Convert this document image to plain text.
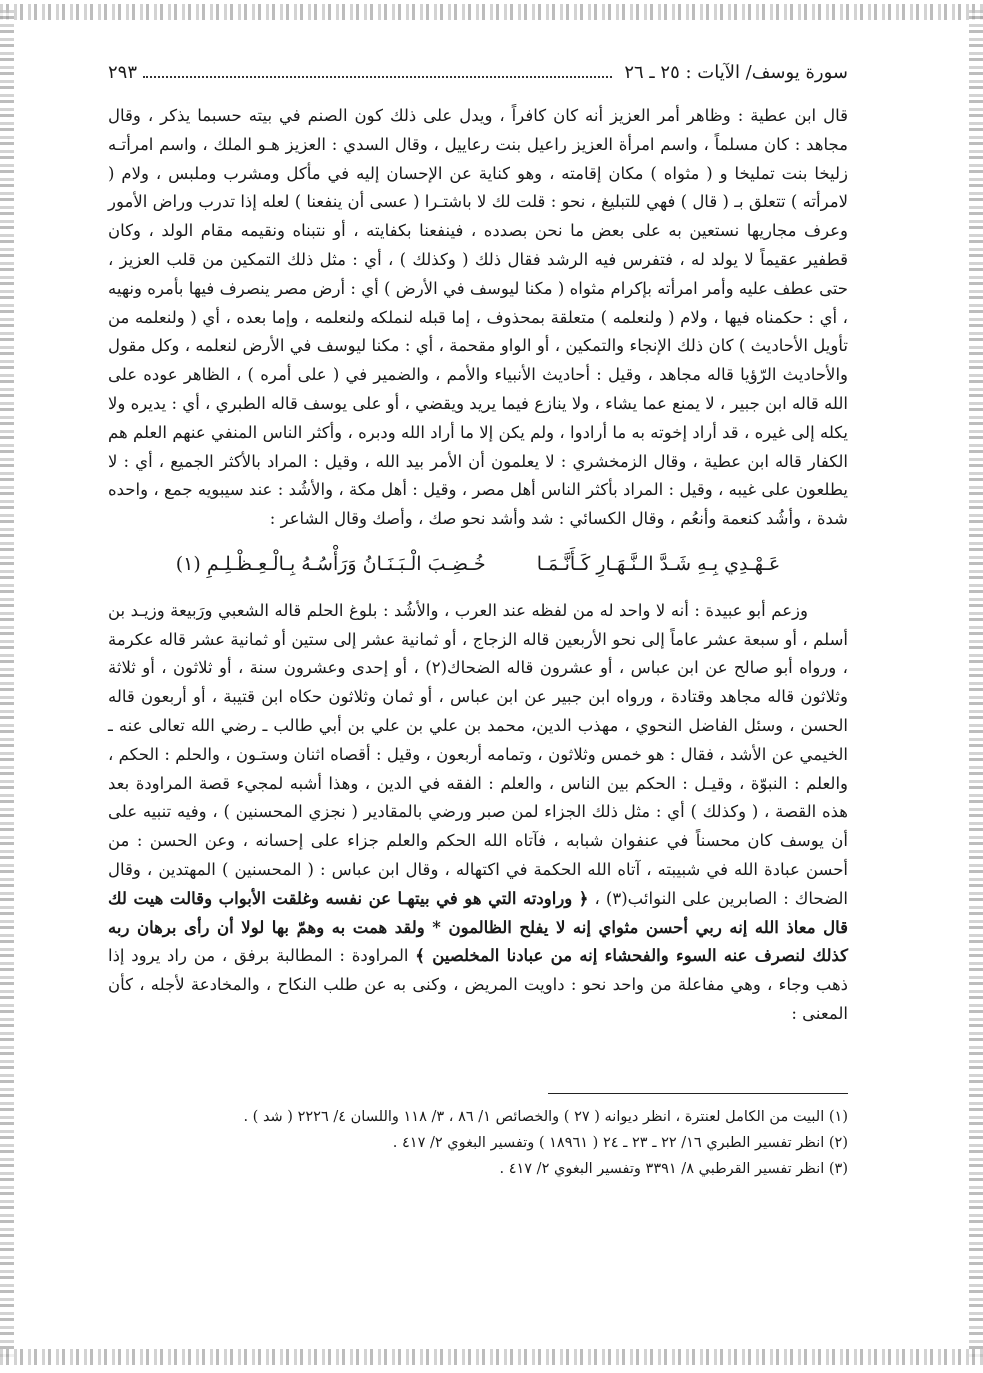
سورة يوسف/ الآيات : ٢٥ ـ ٢٦
٢٩٣

قال ابن عطية : وظاهر أمر العزيز أنه كان كافراً ، ويدل على ذلك كون الصنم في بيته حسبما يذكر ، وقال مجاهد : كان مسلماً ، واسم امرأة العزيز راعيل بنت رعاييل ، وقال السدي : العزيز هـو الملك ، واسم امرأتـه زليخا بنت تمليخا و ( مثواه ) مكان إقامته ، وهو كناية عن الإحسان إليه في مأكل ومشرب وملبس ، ولام ( لامرأته ) تتعلق بـ ( قال ) فهي للتبليغ ، نحو : قلت لك لا باشتـرا ( عسى أن ينفعنا ) لعله إذا تدرب وراض الأمور وعرف مجاريها نستعين به على بعض ما نحن بصدده ، فينفعنا بكفايته ، أو نتبناه ونقيمه مقام الولد ، وكان قطفير عقيماً لا يولد له ، فتفرس فيه الرشد فقال ذلك ( وكذلك ) ، أي : مثل ذلك التمكين من قلب العزيز ، حتى عطف عليه وأمر امرأته بإكرام مثواه ( مكنا ليوسف في الأرض ) أي : أرض مصر ينصرف فيها بأمره ونهيه ، أي : حكمناه فيها ، ولام ( ولنعلمه ) متعلقة بمحذوف ، إما قبله لنملكه ولنعلمه ، وإما بعده ، أي ( ولنعلمه من تأويل الأحاديث ) كان ذلك الإنجاء والتمكين ، أو الواو مقحمة ، أي : مكنا ليوسف في الأرض لنعلمه ، وكل مقول والأحاديث الرّؤيا قاله مجاهد ، وقيل : أحاديث الأنبياء والأمم ، والضمير في ( على أمره ) ، الظاهر عوده على الله قاله ابن جبير ، لا يمنع عما يشاء ، ولا ينازع فيما يريد ويقضي ، أو على يوسف قاله الطبري ، أي : يديره ولا يكله إلى غيره ، قد أراد إخوته به ما أرادوا ، ولم يكن إلا ما أراد الله ودبره ، وأكثر الناس المنفي عنهم العلم هم الكفار قاله ابن عطية ، وقال الزمخشري : لا يعلمون أن الأمر بيد الله ، وقيل : المراد بالأكثر الجميع ، أي : لا يطلعون على غيبه ، وقيل : المراد بأكثر الناس أهل مصر ، وقيل : أهل مكة ، والأشُد : عند سيبويه جمع ، واحده شدة ، وأشُد كنعمة وأنعُم ، وقال الكسائي : شد وأشد نحو صك ، وأصك وقال الشاعر :

عَـهْـدِي بِـهِ شَـدَّ الـنَّـهَـارِ كَـأَنَّـمَـا خُـضِـبَ الْـبَـنَـانُ وَرَأْسُـهُ بِـالْـعِـظْـلِـمِ (١)

وزعم أبو عبيدة : أنه لا واحد له من لفظه عند العرب ، والأشُد : بلوغ الحلم قاله الشعبي ورَبيعة وزيـد بن أسلم ، أو سبعة عشر عاماً إلى نحو الأربعين قاله الزجاج ، أو ثمانية عشر إلى ستين أو ثمانية عشر قاله عكرمة ، ورواه أبو صالح عن ابن عباس ، أو عشرون قاله الضحاك(٢) ، أو إحدى وعشرون سنة ، أو ثلاثون ، أو ثلاثة وثلاثون قاله مجاهد وقتادة ، ورواه ابن جبير عن ابن عباس ، أو ثمان وثلاثون حكاه ابن قتيبة ، أو أربعون قاله الحسن ، وسئل الفاضل النحوي ، مهذب الدين، محمد بن علي بن علي بن أبي طالب ـ رضي الله تعالى عنه ـ الخيمي عن الأشد ، فقال : هو خمس وثلاثون ، وتمامه أربعون ، وقيل : أقصاه اثنان وستـون ، والحلم : الحكم ، والعلم : النبوّة ، وقيـل : الحكم بين الناس ، والعلم : الفقه في الدين ، وهذا أشبه لمجيء قصة المراودة بعد هذه القصة ، ( وكذلك ) أي : مثل ذلك الجزاء لمن صبر ورضي بالمقادير ( نجزي المحسنين ) ، وفيه تنبيه على أن يوسف كان محسناً في عنفوان شبابه ، فآتاه الله الحكم والعلم جزاء على إحسانه ، وعن الحسن : من أحسن عبادة الله في شبيبته ، آتاه الله الحكمة في اكتهاله ، وقال ابن عباس : ( المحسنين ) المهتدين ، وقال الضحاك : الصابرين على النوائب(٣) ، ﴿ وراودته التي هو في بيتهـا عن نفسه وغلقت الأبواب وقالت هيت لك قال معاذ الله إنه ربي أحسن مثواي إنه لا يفلح الظالمون * ولقد همت به وهمّ بها لولا أن رأى برهان ربه كذلك لنصرف عنه السوء والفحشاء إنه من عبادنا المخلصين ﴾ المراودة : المطالبة برفق ، من راد يرود إذا ذهب وجاء ، وهي مفاعلة من واحد نحو : داويت المريض ، وكنى به عن طلب النكاح ، والمخادعة لأجله ، كأن المعنى :

(١) البيت من الكامل لعنترة ، انظر ديوانه ( ٢٧ ) والخصائص ١/ ٨٦ ، ٣/ ١١٨ واللسان ٤/ ٢٢٢٦ ( شد ) .
(٢) انظر تفسير الطبري ١٦/ ٢٢ ـ ٢٣ ـ ٢٤ ( ١٨٩٦١ ) وتفسير البغوي ٢/ ٤١٧ .
(٣) انظر تفسير القرطبي ٨/ ٣٣٩١ وتفسير البغوي ٢/ ٤١٧ .
